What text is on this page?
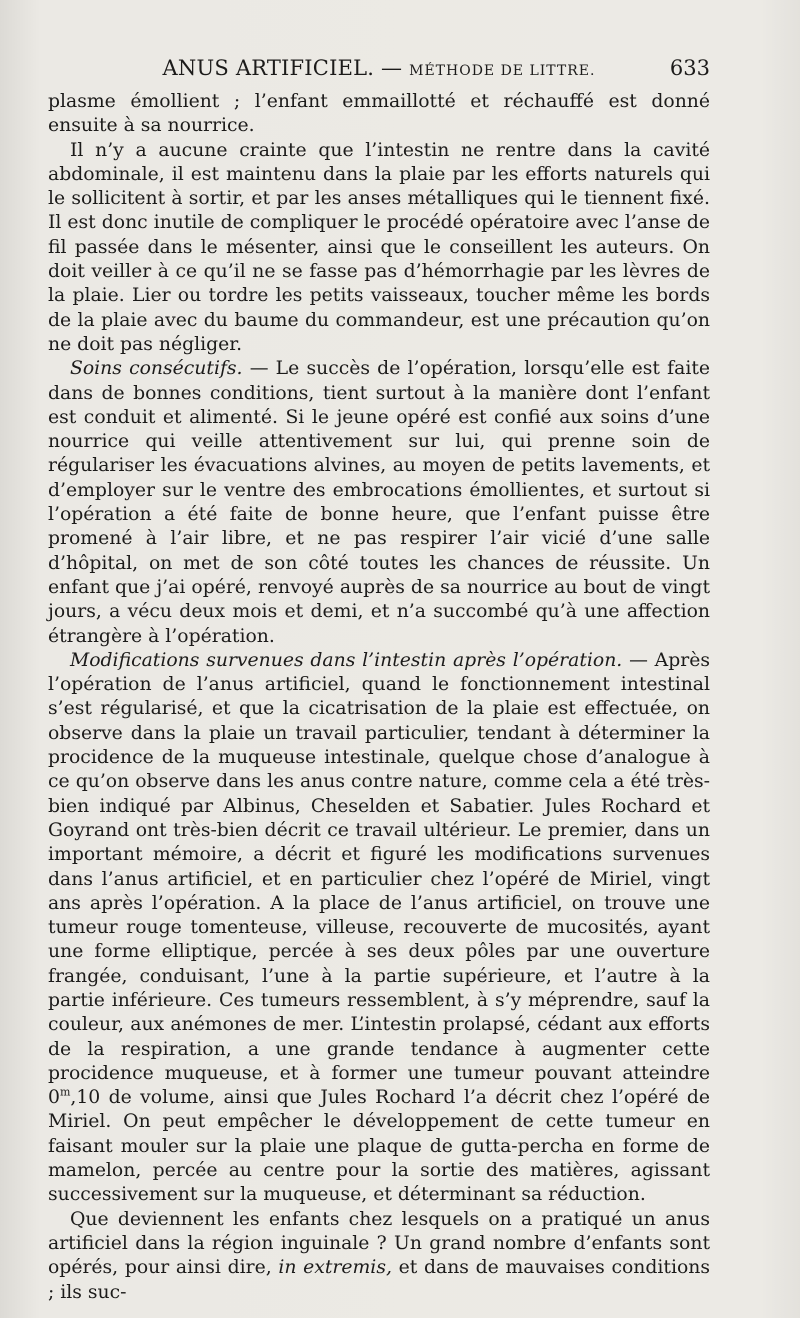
ANUS ARTIFICIEL. — MÉTHODE DE LITTRE.	633

plasme émollient ; l’enfant emmaillotté et réchauffé est donné ensuite à sa nourrice.

Il n’y a aucune crainte que l’intestin ne rentre dans la cavité abdominale, il est maintenu dans la plaie par les efforts naturels qui le sollicitent à sortir, et par les anses métalliques qui le tiennent fixé. Il est donc inutile de compliquer le procédé opératoire avec l’anse de fil passée dans le mésenter, ainsi que le conseillent les auteurs. On doit veiller à ce qu’il ne se fasse pas d’hémorrhagie par les lèvres de la plaie. Lier ou tordre les petits vaisseaux, toucher même les bords de la plaie avec du baume du commandeur, est une précaution qu’on ne doit pas négliger.

Soins consécutifs. — Le succès de l’opération, lorsqu’elle est faite dans de bonnes conditions, tient surtout à la manière dont l’enfant est conduit et alimenté. Si le jeune opéré est confié aux soins d’une nourrice qui veille attentivement sur lui, qui prenne soin de régulariser les évacuations alvines, au moyen de petits lavements, et d’employer sur le ventre des embrocations émollientes, et surtout si l’opération a été faite de bonne heure, que l’enfant puisse être promené à l’air libre, et ne pas respirer l’air vicié d’une salle d’hôpital, on met de son côté toutes les chances de réussite. Un enfant que j’ai opéré, renvoyé auprès de sa nourrice au bout de vingt jours, a vécu deux mois et demi, et n’a succombé qu’à une affection étrangère à l’opération.

Modifications survenues dans l’intestin après l’opération. — Après l’opération de l’anus artificiel, quand le fonctionnement intestinal s’est régularisé, et que la cicatrisation de la plaie est effectuée, on observe dans la plaie un travail particulier, tendant à déterminer la procidence de la muqueuse intestinale, quelque chose d’analogue à ce qu’on observe dans les anus contre nature, comme cela a été très-bien indiqué par Albinus, Cheselden et Sabatier. Jules Rochard et Goyrand ont très-bien décrit ce travail ultérieur. Le premier, dans un important mémoire, a décrit et figuré les modifications survenues dans l’anus artificiel, et en particulier chez l’opéré de Miriel, vingt ans après l’opération. A la place de l’anus artificiel, on trouve une tumeur rouge tomenteuse, villeuse, recouverte de mucosités, ayant une forme elliptique, percée à ses deux pôles par une ouverture frangée, conduisant, l’une à la partie supérieure, et l’autre à la partie inférieure. Ces tumeurs ressemblent, à s’y méprendre, sauf la couleur, aux anémones de mer. L’intestin prolapsé, cédant aux efforts de la respiration, a une grande tendance à augmenter cette procidence muqueuse, et à former une tumeur pouvant atteindre 0$^m$,10 de volume, ainsi que Jules Rochard l’a décrit chez l’opéré de Miriel. On peut empêcher le développement de cette tumeur en faisant mouler sur la plaie une plaque de gutta-percha en forme de mamelon, percée au centre pour la sortie des matières, agissant successivement sur la muqueuse, et déterminant sa réduction.

Que deviennent les enfants chez lesquels on a pratiqué un anus artificiel dans la région inguinale ? Un grand nombre d’enfants sont opérés, pour ainsi dire, in extremis, et dans de mauvaises conditions ; ils suc-
